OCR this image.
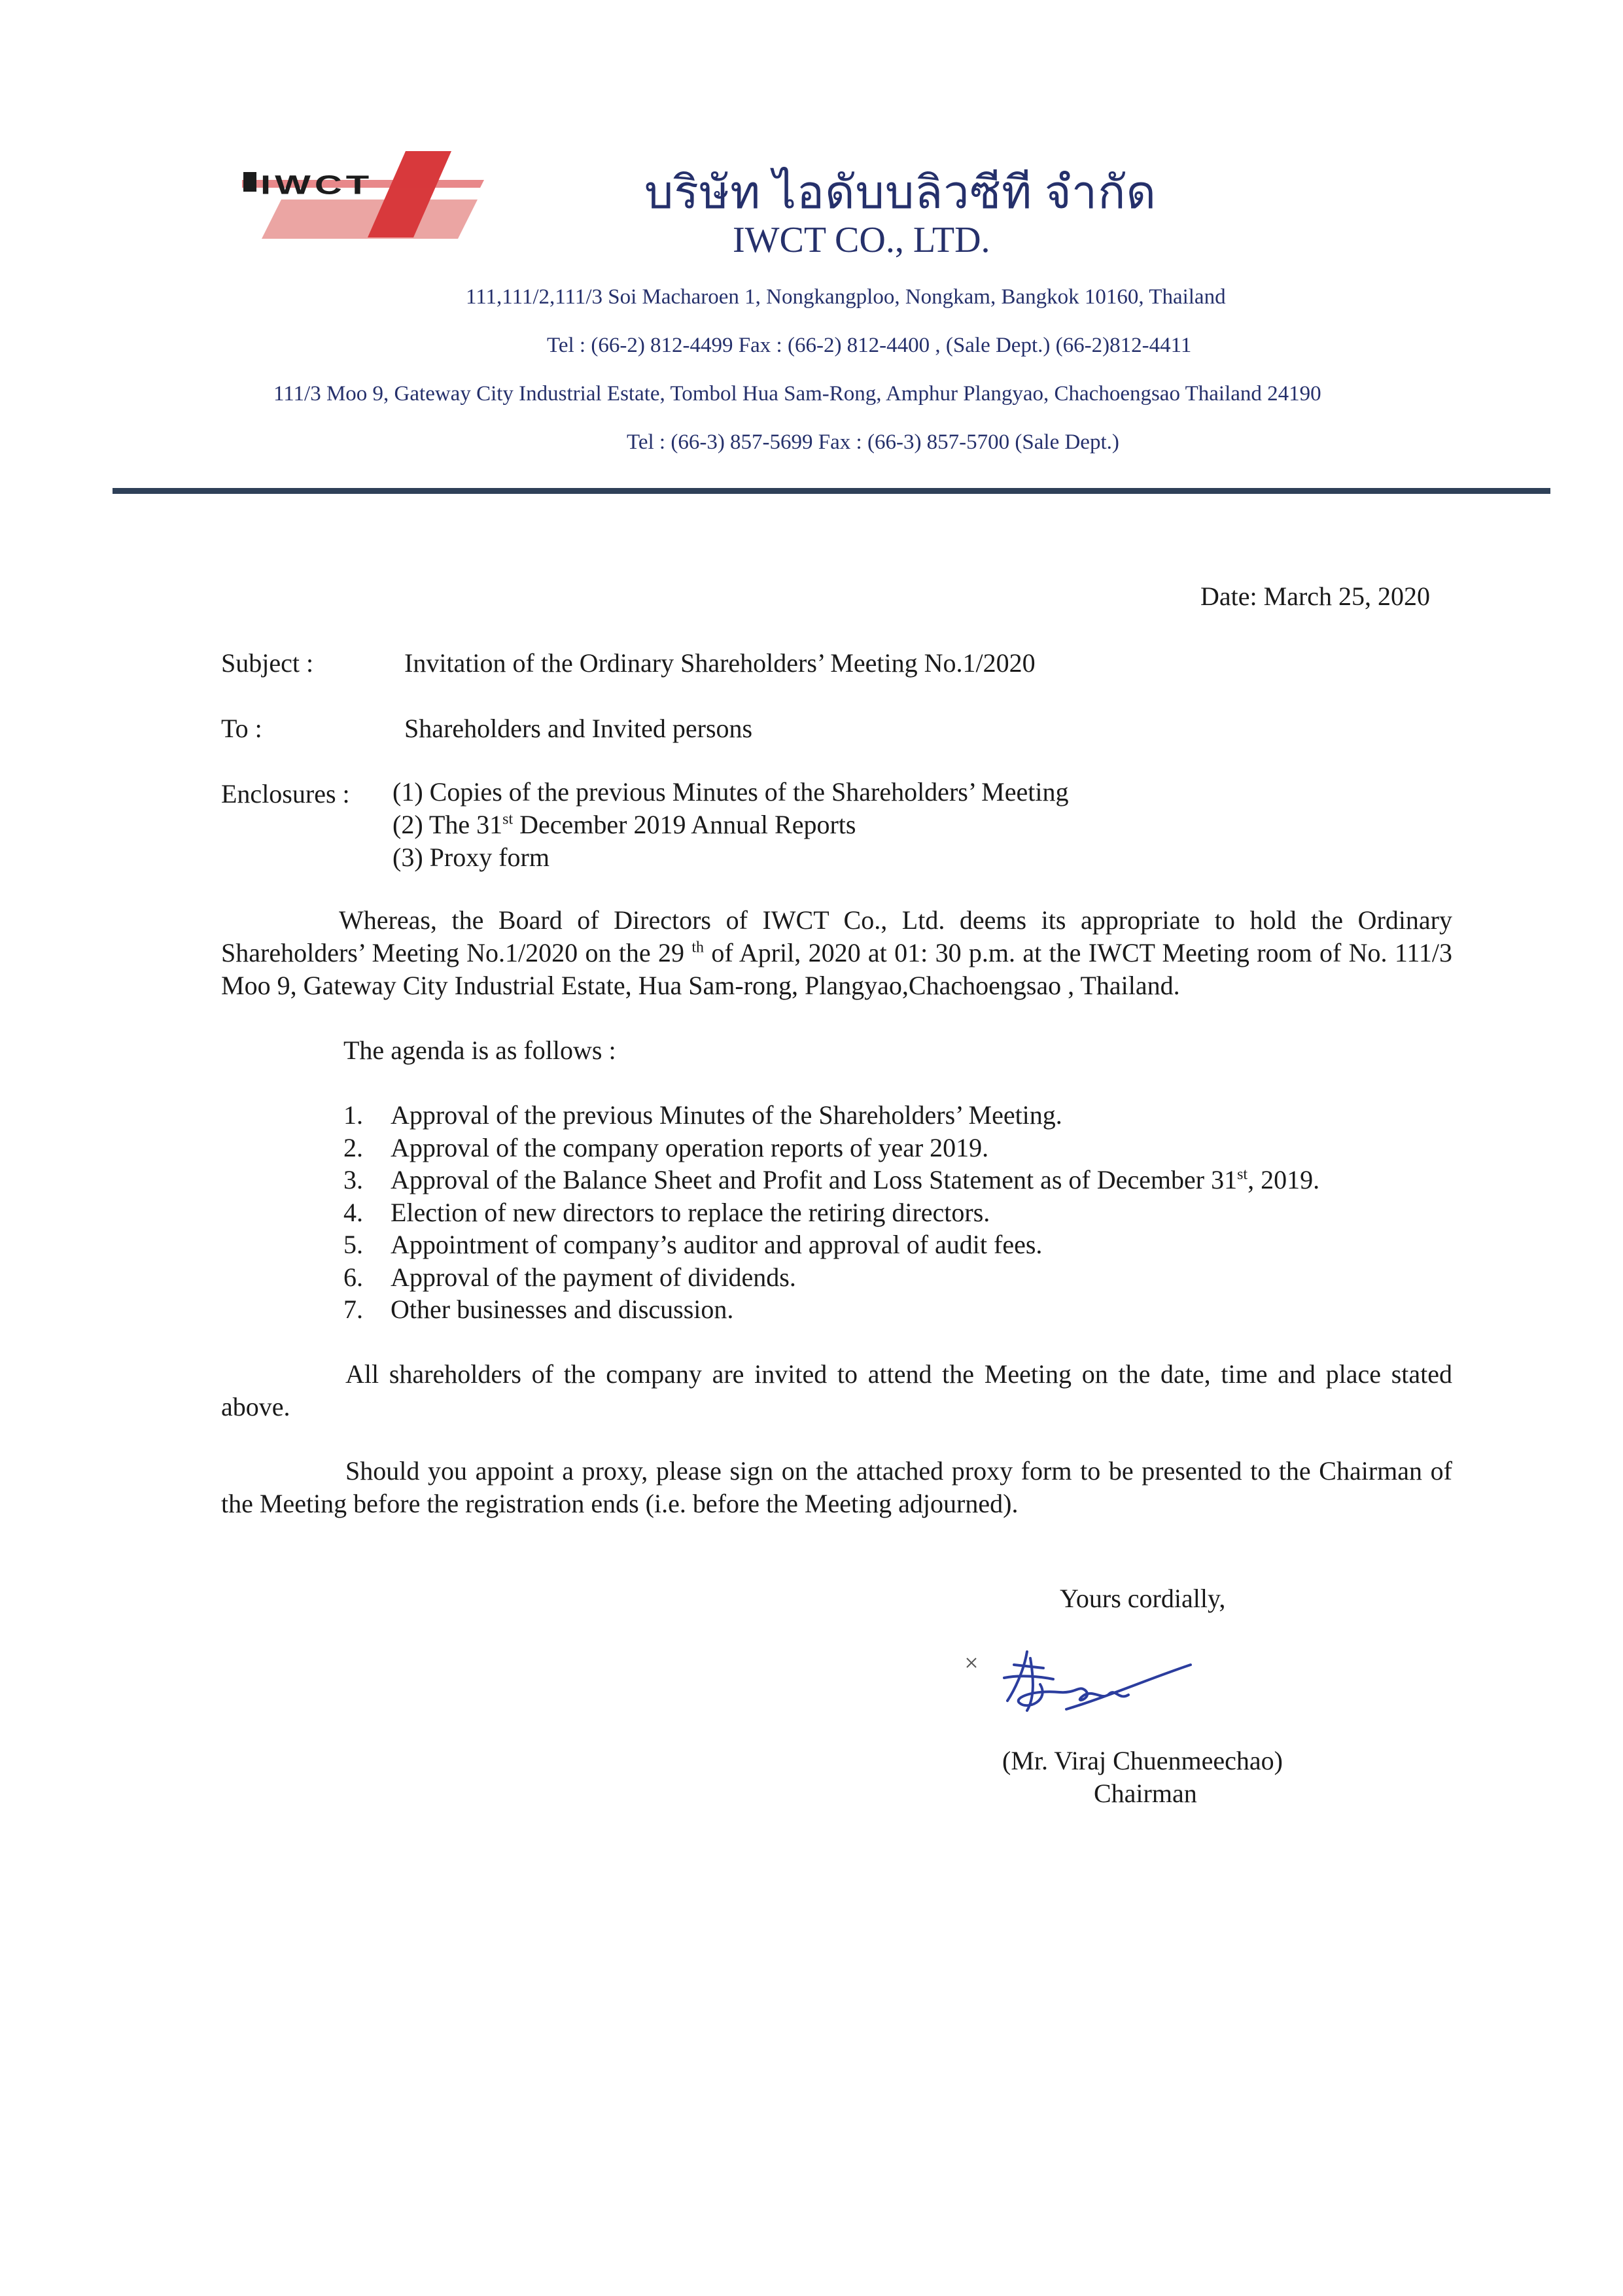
IWCT	บริษัท ไอดับบลิวซีที จำกัด
IWCT CO., LTD.
111,111/2,111/3 Soi Macharoen 1, Nongkangploo, Nongkam, Bangkok 10160, Thailand
Tel : (66-2) 812-4499 Fax : (66-2) 812-4400 , (Sale Dept.) (66-2)812-4411
111/3 Moo 9, Gateway City Industrial Estate, Tombol Hua Sam-Rong, Amphur Plangyao, Chachoengsao Thailand 24190
Tel : (66-3) 857-5699 Fax : (66-3) 857-5700 (Sale Dept.)
Date: March 25, 2020
Subject :	Invitation of the Ordinary Shareholders’ Meeting No.1/2020
To :	Shareholders and Invited persons
Enclosures : (1) Copies of the previous Minutes of the Shareholders’ Meeting
(2) The 31st December 2019 Annual Reports
(3) Proxy form
Whereas, the Board of Directors of IWCT Co., Ltd. deems its appropriate to hold the Ordinary Shareholders’ Meeting No.1/2020 on the 29 $^{th}$ of April, 2020 at 01: 30 p.m. at the IWCT Meeting room of No. 111/3 Moo 9, Gateway City Industrial Estate, Hua Sam-rong, Plangyao,Chachoengsao , Thailand.
The agenda is as follows :
1. Approval of the previous Minutes of the Shareholders’ Meeting.
2. Approval of the company operation reports of year 2019.
3. Approval of the Balance Sheet and Profit and Loss Statement as of December 31st, 2019.
4. Election of new directors to replace the retiring directors.
5. Appointment of company’s auditor and approval of audit fees.
6. Approval of the payment of dividends.
7. Other businesses and discussion.
All shareholders of the company are invited to attend the Meeting on the date, time and place stated above.
Should you appoint a proxy, please sign on the attached proxy form to be presented to the Chairman of the Meeting before the registration ends (i.e. before the Meeting adjourned).
Yours cordially,
(Mr. Viraj Chuenmeechao)
Chairman
